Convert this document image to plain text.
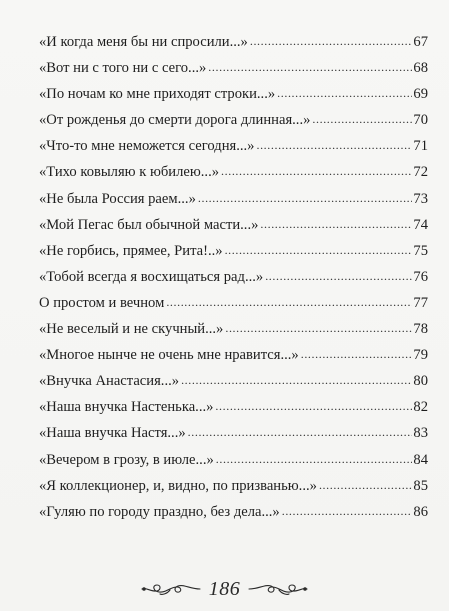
«И когда меня бы ни спросили...» .....	67
«Вот ни с того ни с сего...» .....	68
«По ночам ко мне приходят строки...» .....	69
«От рожденья до смерти дорога длинная...» .....	70
«Что-то мне неможется сегодня...» .....	71
«Тихо ковыляю к юбилею...» .....	72
«Не была Россия раем...» .....	73
«Мой Пегас был обычной масти...» .....	74
«Не горбись, прямее, Рита!..» .....	75
«Тобой всегда я восхищаться рад...» .....	76
О простом и вечном .....	77
«Не веселый и не скучный...» .....	78
«Многое нынче не очень мне нравится...» .....	79
«Внучка Анастасия...» .....	80
«Наша внучка Настенька...» .....	82
«Наша внучка Настя...» .....	83
«Вечером в грозу, в июле...» .....	84
«Я коллекционер, и, видно, по призванью...» .....	85
«Гуляю по городу праздно, без дела...» .....	86
186
